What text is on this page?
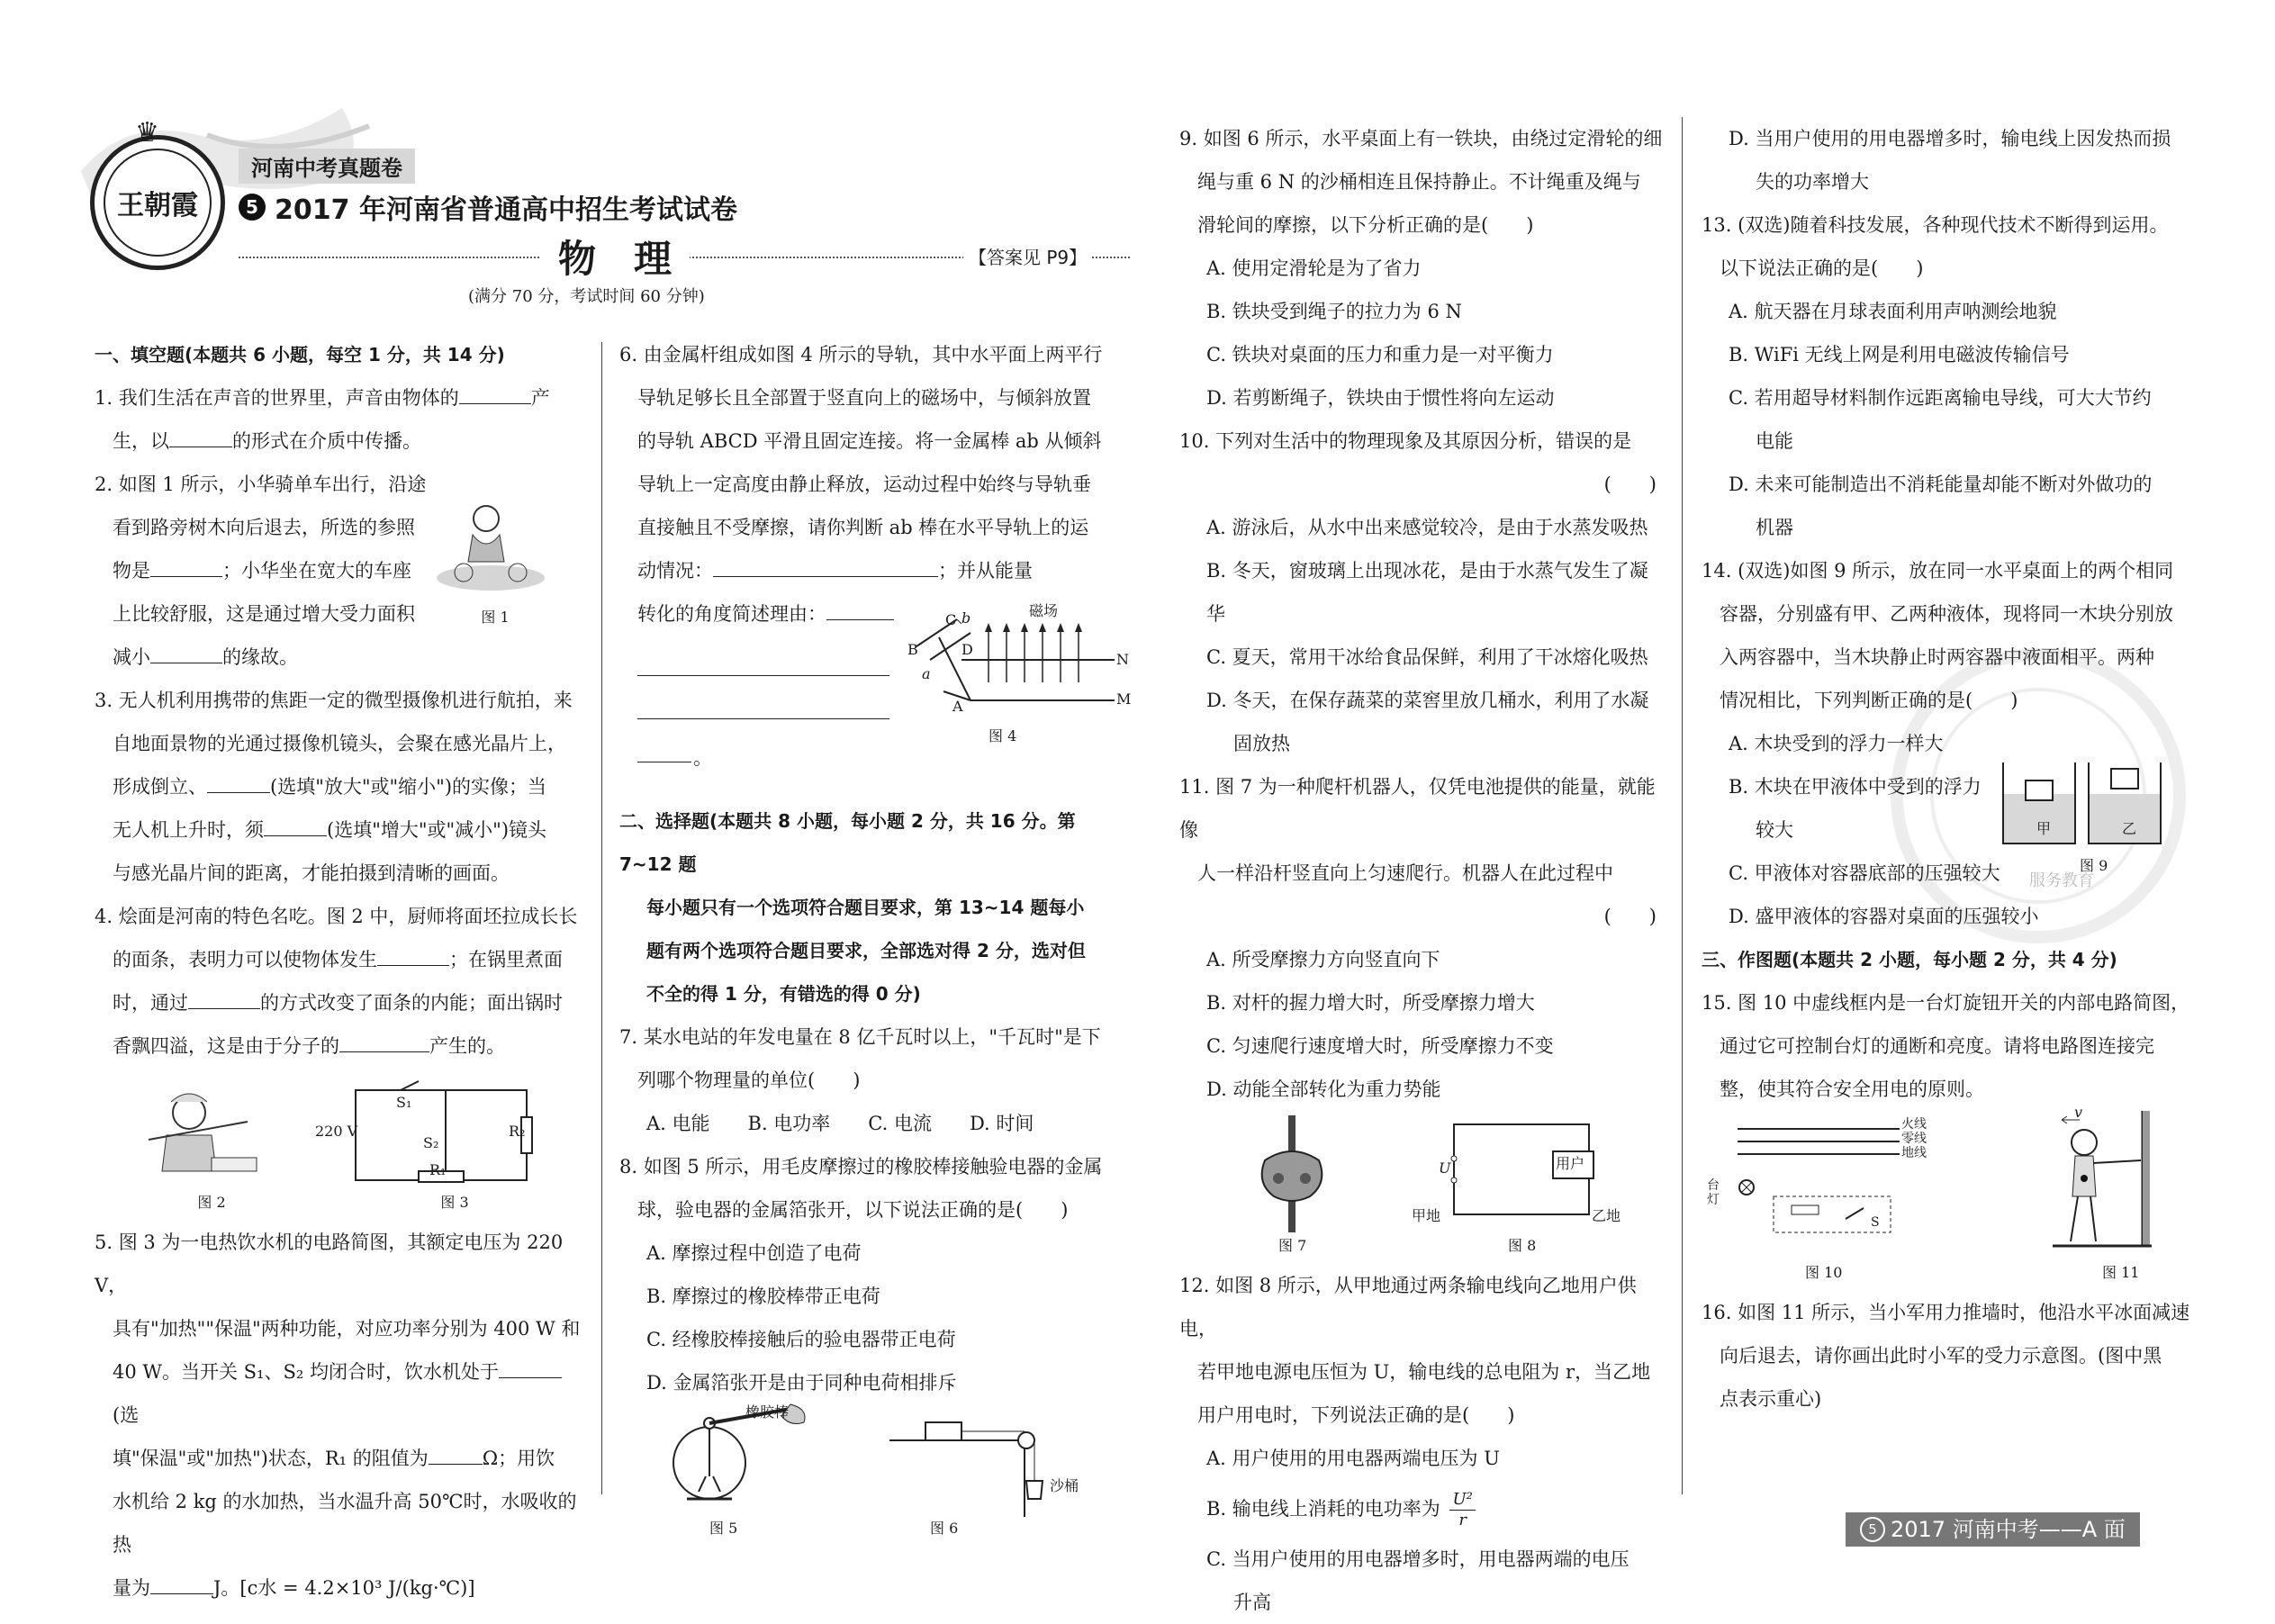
王朝霞
♛
河南中考真题卷
5 2017 年河南省普通高中招生考试试卷
物　理	【答案见 P9】
(满分 70 分，考试时间 60 分钟)

一、填空题(本题共 6 小题，每空 1 分，共 14 分)

1. 我们生活在声音的世界里，声音由物体的	产

生，以	的形式在介质中传播。

2. 如图 1 所示，小华骑单车出行，沿途

看到路旁树木向后退去，所选的参照

物是	；小华坐在宽大的车座

上比较舒服，这是通过增大受力面积

减小	的缘故。

图 1

3. 无人机利用携带的焦距一定的微型摄像机进行航拍，来

自地面景物的光通过摄像机镜头，会聚在感光晶片上，

形成倒立、	(选填"放大"或"缩小")的实像；当

无人机上升时，须	(选填"增大"或"减小")镜头

与感光晶片间的距离，才能拍摄到清晰的画面。

4. 烩面是河南的特色名吃。图 2 中，厨师将面坯拉成长长

的面条，表明力可以使物体发生	；在锅里煮面

时，通过	的方式改变了面条的内能；面出锅时

香飘四溢，这是由于分子的	产生的。

图 2
S₁
S₂
220 V
R₁
R₂
图 3

5. 图 3 为一电热饮水机的电路简图，其额定电压为 220 V，

具有"加热""保温"两种功能，对应功率分别为 400 W 和

40 W。当开关 S₁、S₂ 均闭合时，饮水机处于(选

填"保温"或"加热")状态，R₁ 的阻值为	Ω；用饮

水机给 2 kg 的水加热，当水温升高 50℃时，水吸收的热

量为	J。[c水 = 4.2×10³ J/(kg·℃)]

6. 由金属杆组成如图 4 所示的导轨，其中水平面上两平行

导轨足够长且全部置于竖直向上的磁场中，与倾斜放置

的导轨 ABCD 平滑且固定连接。将一金属棒 ab 从倾斜

导轨上一定高度由静止释放，运动过程中始终与导轨垂

直接触且不受摩擦，请你判断 ab 棒在水平导轨上的运

动情况：	；并从能量

转化的角度简述理由：

。
磁场
C b
B	D
a
A
N
M
图 4

二、选择题(本题共 8 小题，每小题 2 分，共 16 分。第 7~12 题

每小题只有一个选项符合题目要求，第 13~14 题每小

题有两个选项符合题目要求，全部选对得 2 分，选对但

不全的得 1 分，有错选的得 0 分)

7. 某水电站的年发电量在 8 亿千瓦时以上，"千瓦时"是下

列哪个物理量的单位(　　)

A. 电能　　B. 电功率　　C. 电流　　D. 时间

8. 如图 5 所示，用毛皮摩擦过的橡胶棒接触验电器的金属

球，验电器的金属箔张开，以下说法正确的是(　　)

A. 摩擦过程中创造了电荷

B. 摩擦过的橡胶棒带正电荷

C. 经橡胶棒接触后的验电器带正电荷

D. 金属箔张开是由于同种电荷相排斥

橡胶棒
图 5
沙桶
图 6

9. 如图 6 所示，水平桌面上有一铁块，由绕过定滑轮的细

绳与重 6 N 的沙桶相连且保持静止。不计绳重及绳与

滑轮间的摩擦，以下分析正确的是(　　)

A. 使用定滑轮是为了省力

B. 铁块受到绳子的拉力为 6 N

C. 铁块对桌面的压力和重力是一对平衡力

D. 若剪断绳子，铁块由于惯性将向左运动

10. 下列对生活中的物理现象及其原因分析，错误的是

(　　)

A. 游泳后，从水中出来感觉较冷，是由于水蒸发吸热

B. 冬天，窗玻璃上出现冰花，是由于水蒸气发生了凝华

C. 夏天，常用干冰给食品保鲜，利用了干冰熔化吸热

D. 冬天，在保存蔬菜的菜窖里放几桶水，利用了水凝

固放热

11. 图 7 为一种爬杆机器人，仅凭电池提供的能量，就能像

人一样沿杆竖直向上匀速爬行。机器人在此过程中

(　　)

A. 所受摩擦力方向竖直向下

B. 对杆的握力增大时，所受摩擦力增大

C. 匀速爬行速度增大时，所受摩擦力不变

D. 动能全部转化为重力势能

图 7
U	用户
甲地	乙地
图 8

12. 如图 8 所示，从甲地通过两条输电线向乙地用户供电，

若甲地电源电压恒为 U，输电线的总电阻为 r，当乙地

用户用电时，下列说法正确的是(　　)

A. 用户使用的用电器两端电压为 U

B. 输电线上消耗的电功率为 $\frac{\text{U²}}{r}$

C. 当用户使用的用电器增多时，用电器两端的电压

升高

服务教育

D. 当用户使用的用电器增多时，输电线上因发热而损

失的功率增大

13. (双选)随着科技发展，各种现代技术不断得到运用。

以下说法正确的是(　　)

A. 航天器在月球表面利用声呐测绘地貌

B. WiFi 无线上网是利用电磁波传输信号

C. 若用超导材料制作远距离输电导线，可大大节约

电能

D. 未来可能制造出不消耗能量却能不断对外做功的

机器

14. (双选)如图 9 所示，放在同一水平桌面上的两个相同

容器，分别盛有甲、乙两种液体，现将同一木块分别放

入两容器中，当木块静止时两容器中液面相平。两种

情况相比，下列判断正确的是(　　)

A. 木块受到的浮力一样大

B. 木块在甲液体中受到的浮力

较大

C. 甲液体对容器底部的压强较大

D. 盛甲液体的容器对桌面的压强较小

甲	乙
图 9

三、作图题(本题共 2 小题，每小题 2 分，共 4 分)

15. 图 10 中虚线框内是一台灯旋钮开关的内部电路简图，

通过它可控制台灯的通断和亮度。请将电路图连接完

整，使其符合安全用电的原则。

火线
零线
地线
台灯
S
图 10
v
图 11

16. 如图 11 所示，当小军用力推墙时，他沿水平冰面减速

向后退去，请你画出此时小军的受力示意图。(图中黑

点表示重心)

5 2017 河南中考——A 面
